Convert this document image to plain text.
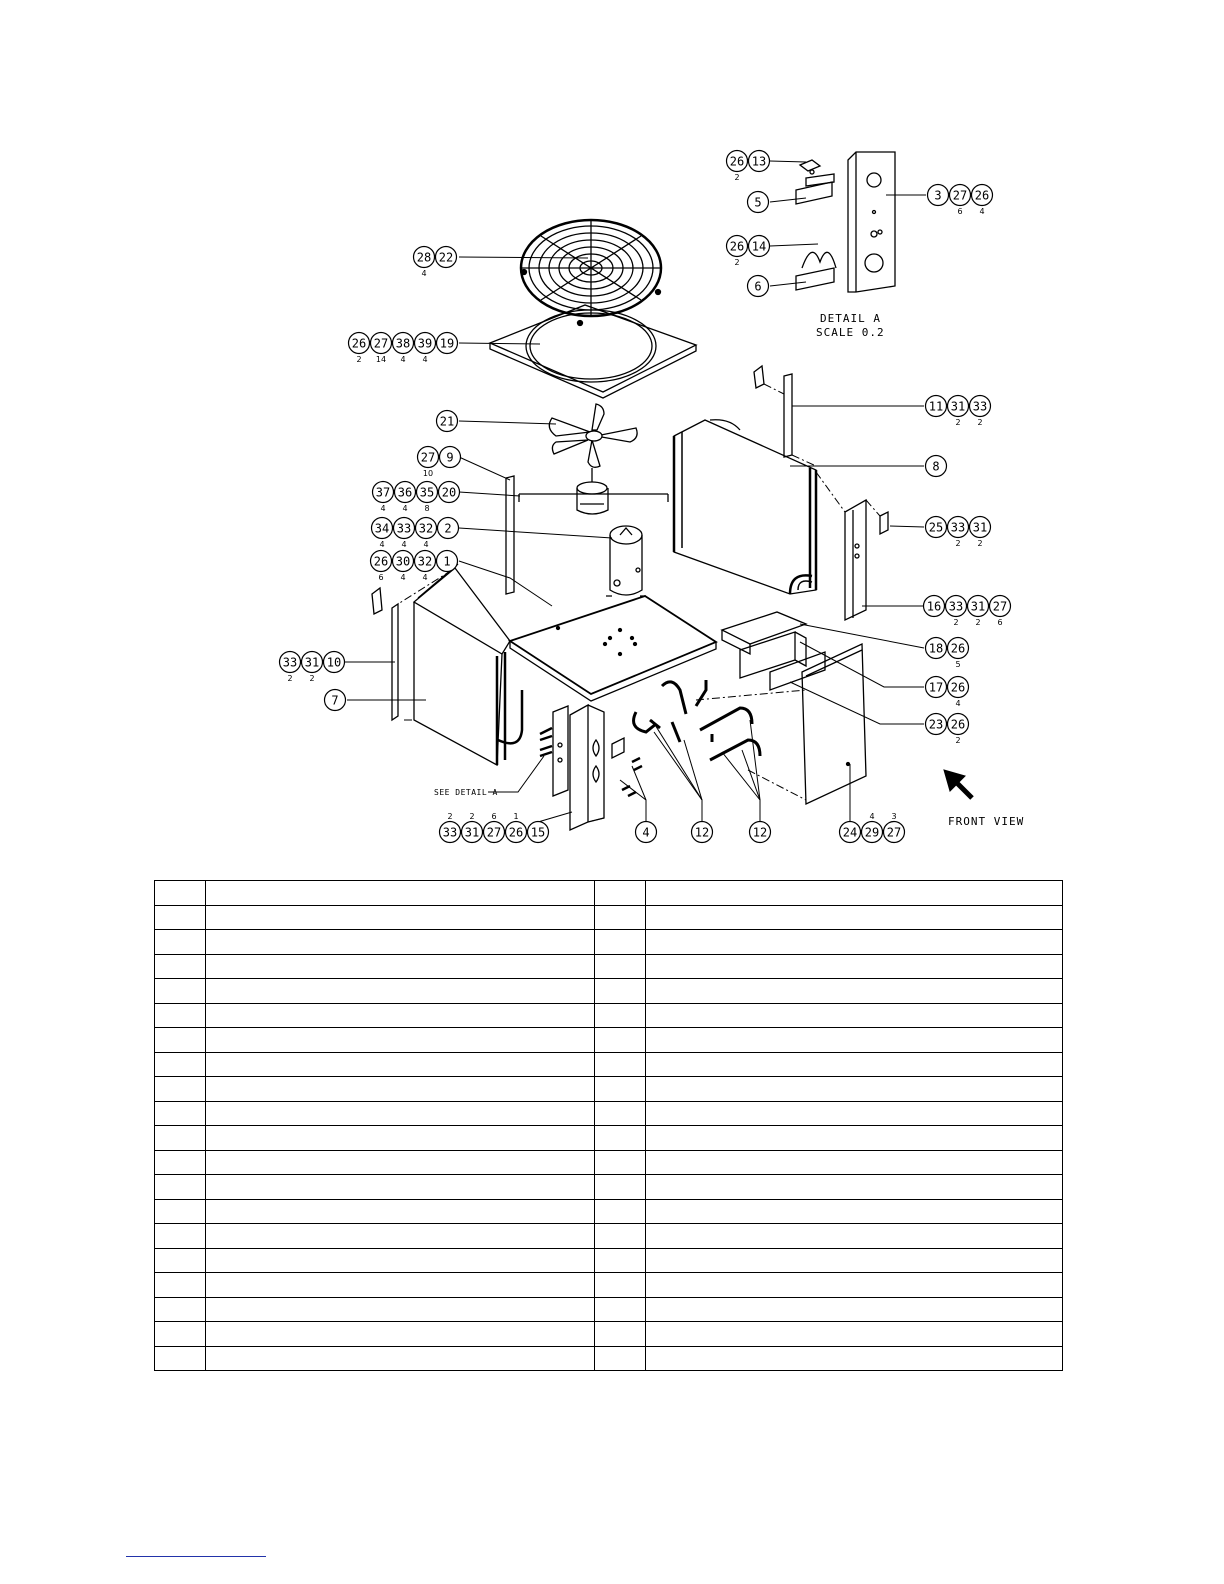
26
2
13
5
26
2
14
6
3 27
6
26
4
28
4
22
26
2
27
14
38
4
39
4
19
21
27
10
9
37
4
36
4
35
8
20
34
4
33
4
32
4
2
26
6
30
4
32
4
1
33
2
31
2
10
7
11 31
2
33
2
8
25 33
2
31
2
16 33
2
31
2
27
6
18 26
5
17 26
4
23 26
2
33
2
31
2
27
6
26
1
15	4	12	12	24 29
4
27
3
DETAIL A
SCALE 0.2
SEE DETAIL A
FRONT VIEW
